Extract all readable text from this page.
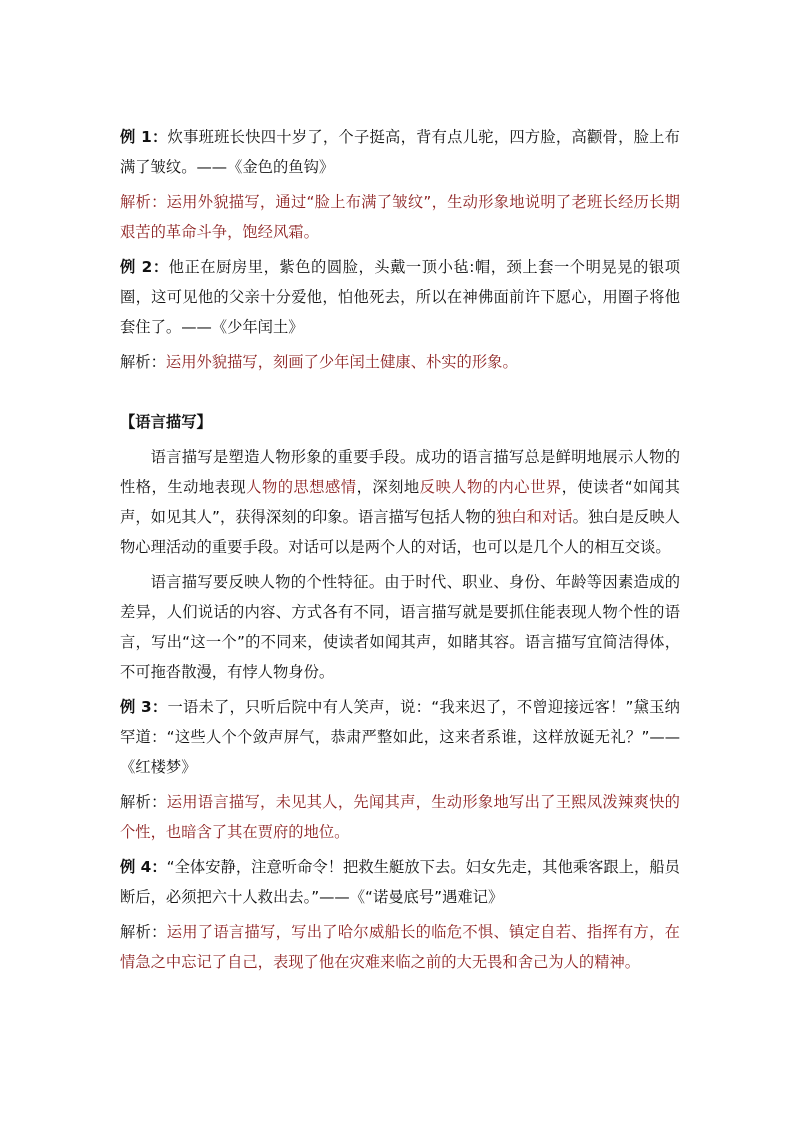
例 1：炊事班班长快四十岁了，个子挺高，背有点儿驼，四方脸，高颧骨，脸上布满了皱纹。——《金色的鱼钩》

解析：运用外貌描写，通过“脸上布满了皱纹”，生动形象地说明了老班长经历长期艰苦的革命斗争，饱经风霜。

例 2：他正在厨房里，紫色的圆脸，头戴一顶小毡:帽，颈上套一个明晃晃的银项圈，这可见他的父亲十分爱他，怕他死去，所以在神佛面前许下愿心，用圈子将他套住了。——《少年闰土》

解析：运用外貌描写，刻画了少年闰土健康、朴实的形象。

【语言描写】

语言描写是塑造人物形象的重要手段。成功的语言描写总是鲜明地展示人物的性格，生动地表现人物的思想感情，深刻地反映人物的内心世界，使读者“如闻其声，如见其人”，获得深刻的印象。语言描写包括人物的独白和对话。独白是反映人物心理活动的重要手段。对话可以是两个人的对话，也可以是几个人的相互交谈。

语言描写要反映人物的个性特征。由于时代、职业、身份、年龄等因素造成的差异，人们说话的内容、方式各有不同，语言描写就是要抓住能表现人物个性的语言，写出“这一个”的不同来，使读者如闻其声，如睹其容。语言描写宜简洁得体，不可拖沓散漫，有悖人物身份。

例 3：一语未了，只听后院中有人笑声，说：“我来迟了，不曾迎接远客！”黛玉纳罕道：“这些人个个敛声屏气，恭肃严整如此，这来者系谁，这样放诞无礼？”——《红楼梦》

解析：运用语言描写，未见其人，先闻其声，生动形象地写出了王熙凤泼辣爽快的个性，也暗含了其在贾府的地位。

例 4：“全体安静，注意听命令！把救生艇放下去。妇女先走，其他乘客跟上，船员断后，必须把六十人救出去。”——《“诺曼底号”遇难记》

解析：运用了语言描写，写出了哈尔威船长的临危不惧、镇定自若、指挥有方，在情急之中忘记了自己，表现了他在灾难来临之前的大无畏和舍己为人的精神。
